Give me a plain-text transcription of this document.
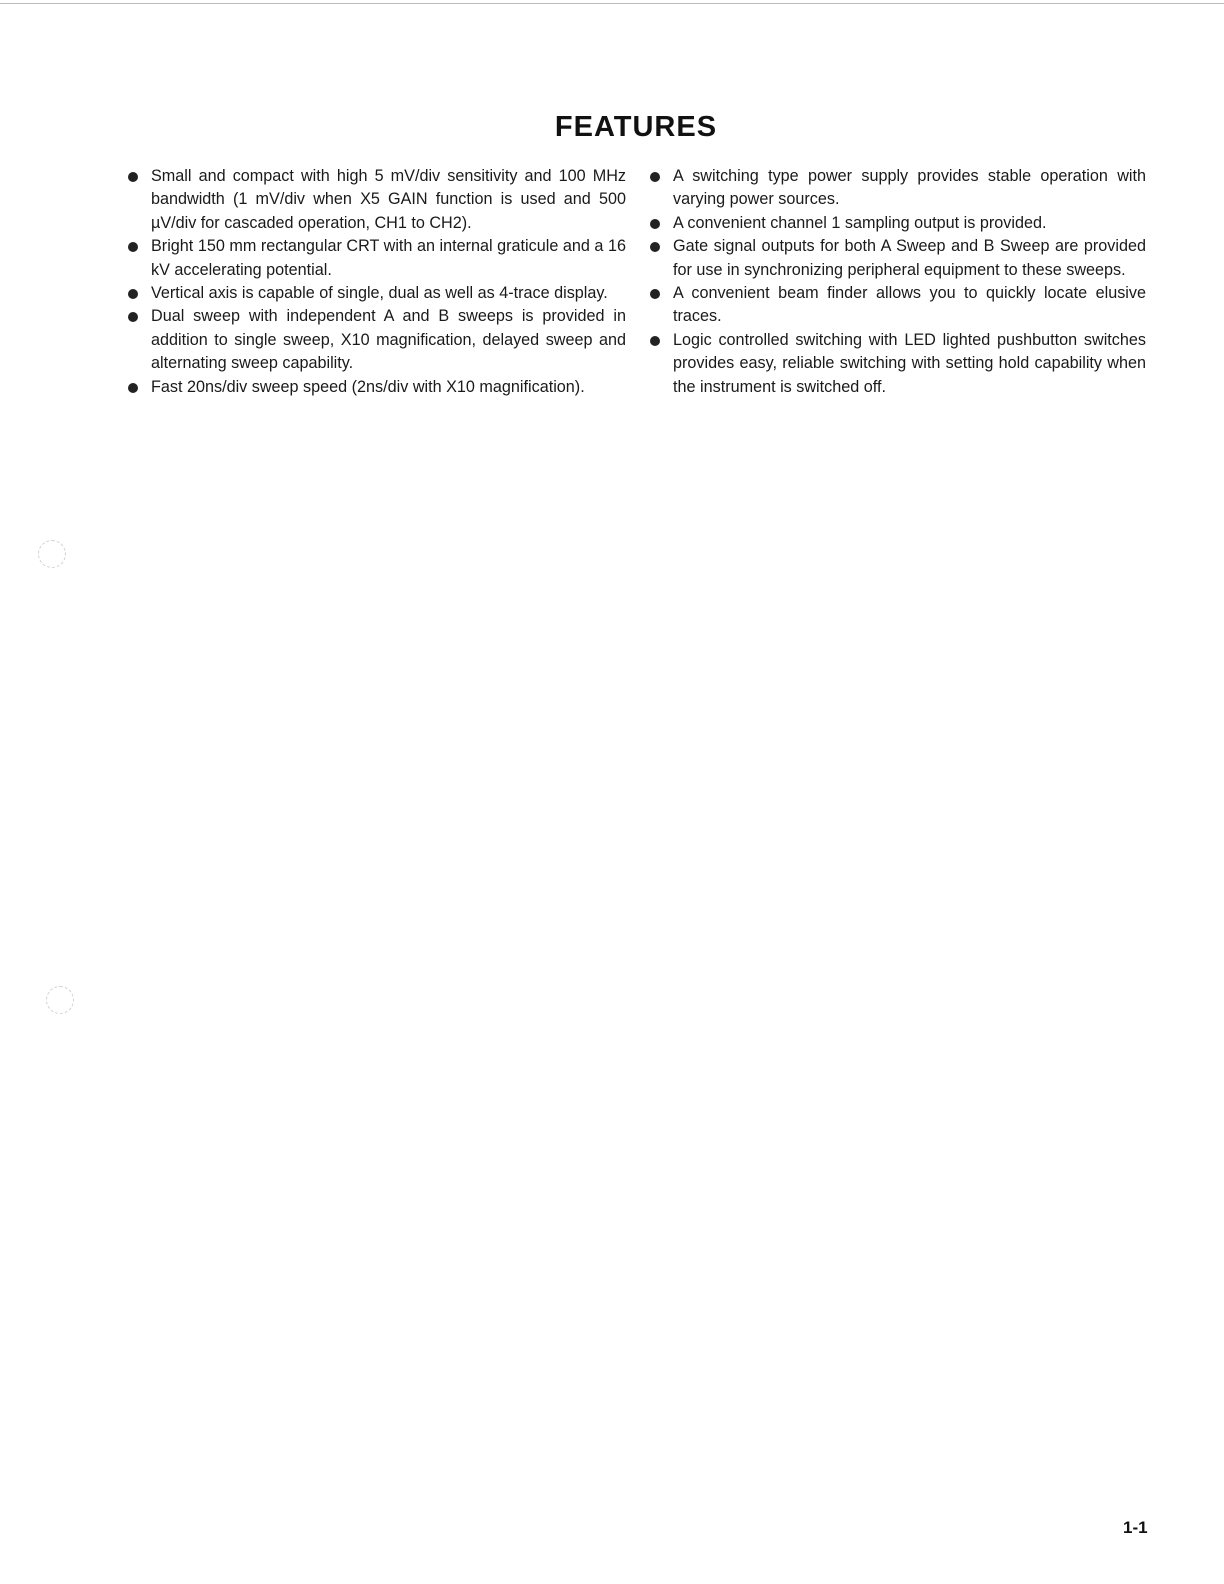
FEATURES
Small and compact with high 5 mV/div sensitivity and 100 MHz bandwidth (1 mV/div when X5 GAIN function is used and 500 µV/div for cascaded operation, CH1 to CH2).
Bright 150 mm rectangular CRT with an internal graticule and a 16 kV accelerating potential.
Vertical axis is capable of single, dual as well as 4-trace display.
Dual sweep with independent A and B sweeps is provided in addition to single sweep, X10 magnification, delayed sweep and alternating sweep capability.
Fast 20ns/div sweep speed (2ns/div with X10 magnification).
A switching type power supply provides stable operation with varying power sources.
A convenient channel 1 sampling output is provided.
Gate signal outputs for both A Sweep and B Sweep are provided for use in synchronizing peripheral equipment to these sweeps.
A convenient beam finder allows you to quickly locate elusive traces.
Logic controlled switching with LED lighted pushbutton switches provides easy, reliable switching with setting hold capability when the instrument is switched off.
1-1
